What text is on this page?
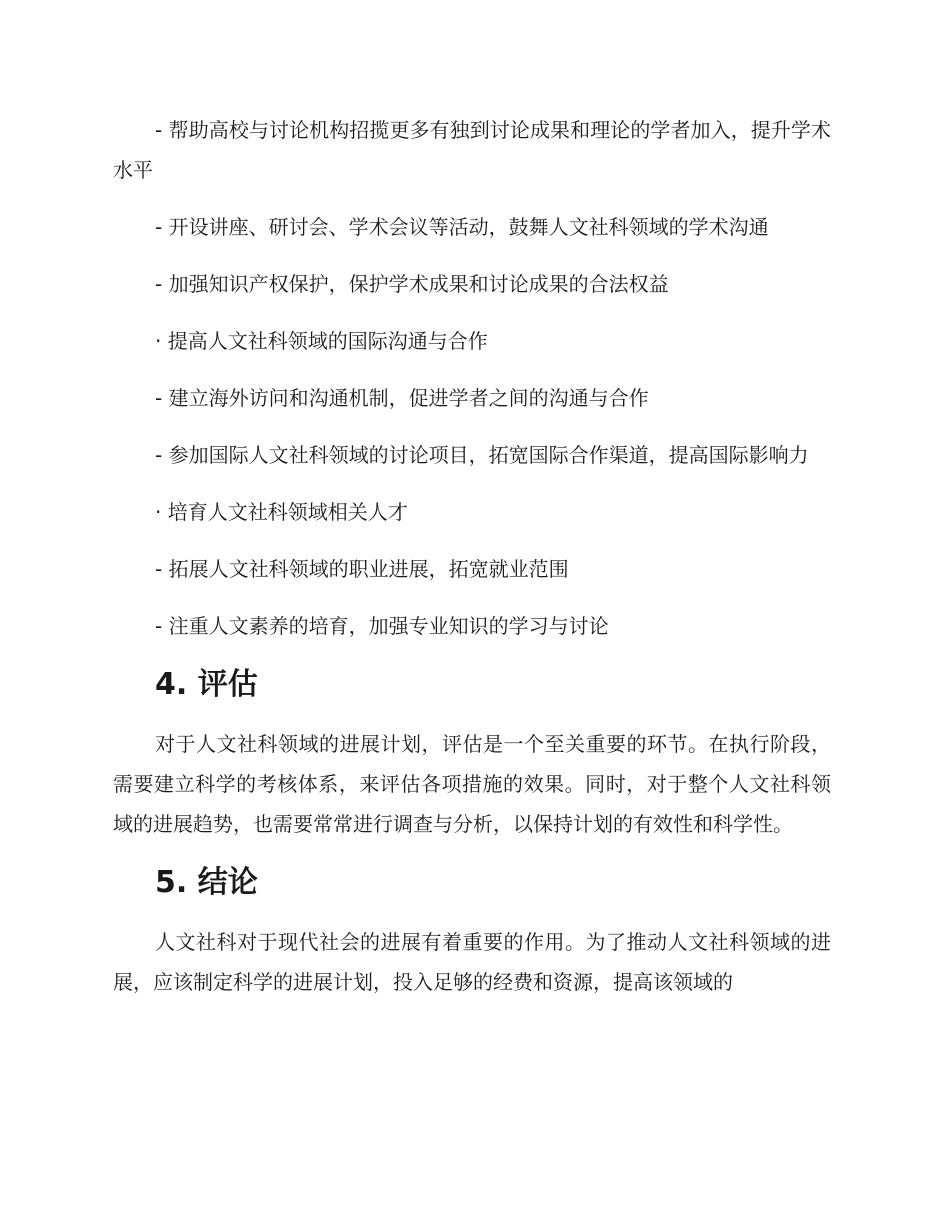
- 帮助高校与讨论机构招揽更多有独到讨论成果和理论的学者加入，提升学术水平

- 开设讲座、研讨会、学术会议等活动，鼓舞人文社科领域的学术沟通

- 加强知识产权保护，保护学术成果和讨论成果的合法权益

· 提高人文社科领域的国际沟通与合作

- 建立海外访问和沟通机制，促进学者之间的沟通与合作

- 参加国际人文社科领域的讨论项目，拓宽国际合作渠道，提高国际影响力

· 培育人文社科领域相关人才

- 拓展人文社科领域的职业进展，拓宽就业范围

- 注重人文素养的培育，加强专业知识的学习与讨论

4. 评估

对于人文社科领域的进展计划，评估是一个至关重要的环节。在执行阶段，需要建立科学的考核体系，来评估各项措施的效果。同时，对于整个人文社科领域的进展趋势，也需要常常进行调查与分析，以保持计划的有效性和科学性。

5. 结论

人文社科对于现代社会的进展有着重要的作用。为了推动人文社科领域的进展，应该制定科学的进展计划，投入足够的经费和资源，提高该领域的
